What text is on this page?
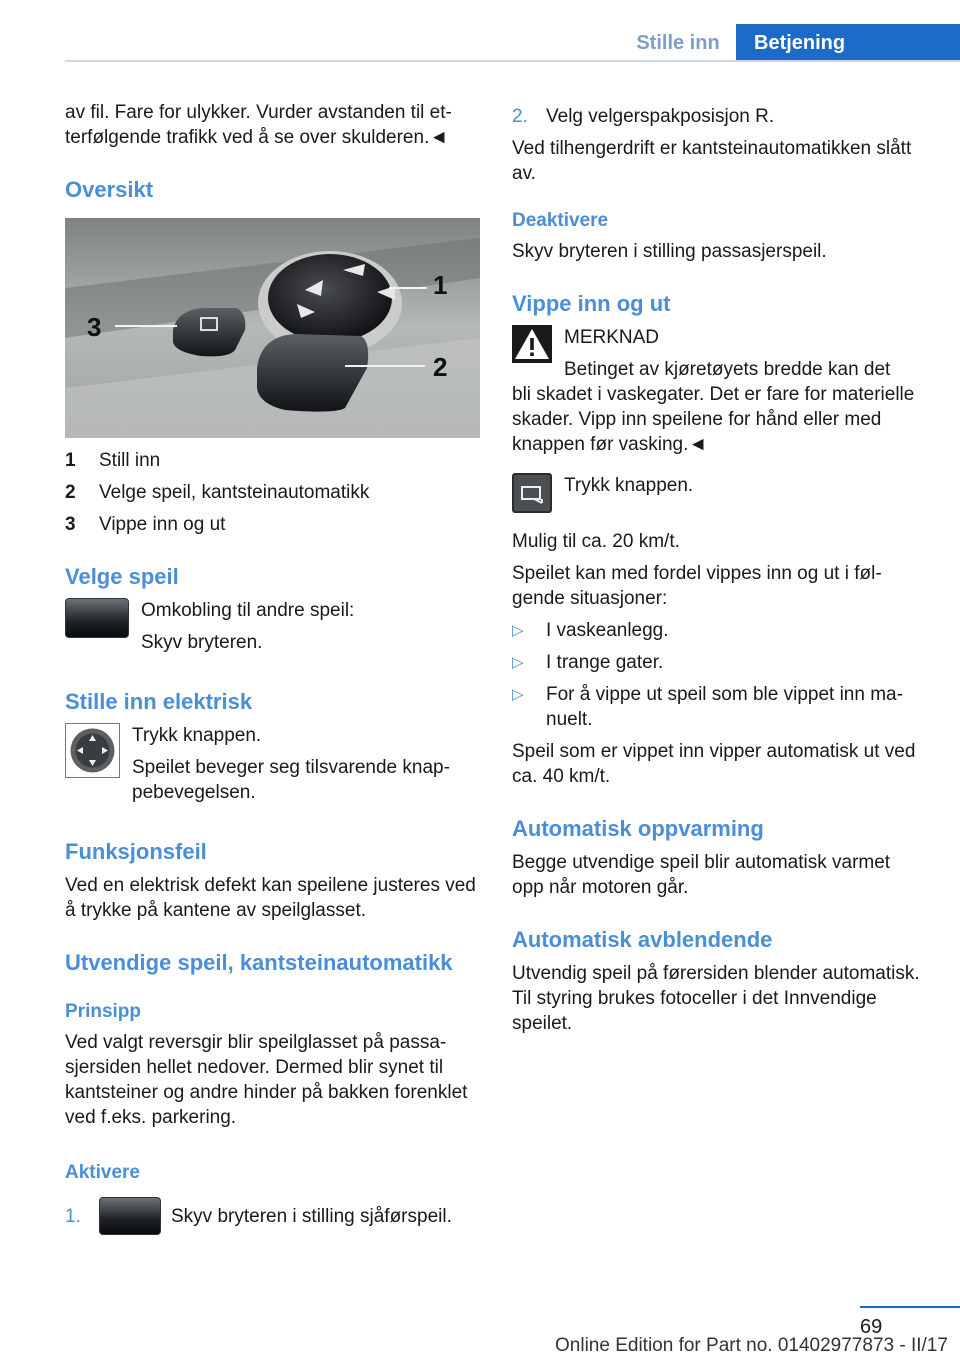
Stille inn	Betjening

av fil. Fare for ulykker. Vurder avstanden til etterfølgende trafikk ved å se over skulderen.◄

Oversikt
1
2
3
1	Still inn
2	Velge speil, kantsteinautomatikk
3	Vippe inn og ut
Velge speil

Omkobling til andre speil:

Skyv bryteren.

Stille inn elektrisk

Trykk knappen.

Speilet beveger seg tilsvarende knappebevegelsen.

Funksjonsfeil

Ved en elektrisk defekt kan speilene justeres ved å trykke på kantene av speilglasset.

Utvendige speil, kantsteinautomatikk
Prinsipp

Ved valgt reversgir blir speilglasset på passasjersiden hellet nedover. Dermed blir synet til kantsteiner og andre hinder på bakken forenklet ved f.eks. parkering.

Aktivere
1.	Skyv bryteren i stilling sjåførspeil.
2. Velg velgerspakposisjon R.

Ved tilhengerdrift er kantsteinautomatikken slått av.

Deaktivere

Skyv bryteren i stilling passasjerspeil.

Vippe inn og ut

MERKNAD

Betinget av kjøretøyets bredde kan det

bli skadet i vaskegater. Det er fare for materielle skader. Vipp inn speilene for hånd eller med knappen før vasking.◄

Trykk knappen.

Mulig til ca. 20 km/t.

Speilet kan med fordel vippes inn og ut i følgende situasjoner:

▷	I vaskeanlegg.
▷	I trange gater.
▷	For å vippe ut speil som ble vippet inn manuelt.

Speil som er vippet inn vipper automatisk ut ved ca. 40 km/t.

Automatisk oppvarming

Begge utvendige speil blir automatisk varmet opp når motoren går.

Automatisk avblendende

Utvendig speil på førersiden blender automatisk. Til styring brukes fotoceller i det Innvendige speilet.

69
Online Edition for Part no. 01402977873 - II/17
